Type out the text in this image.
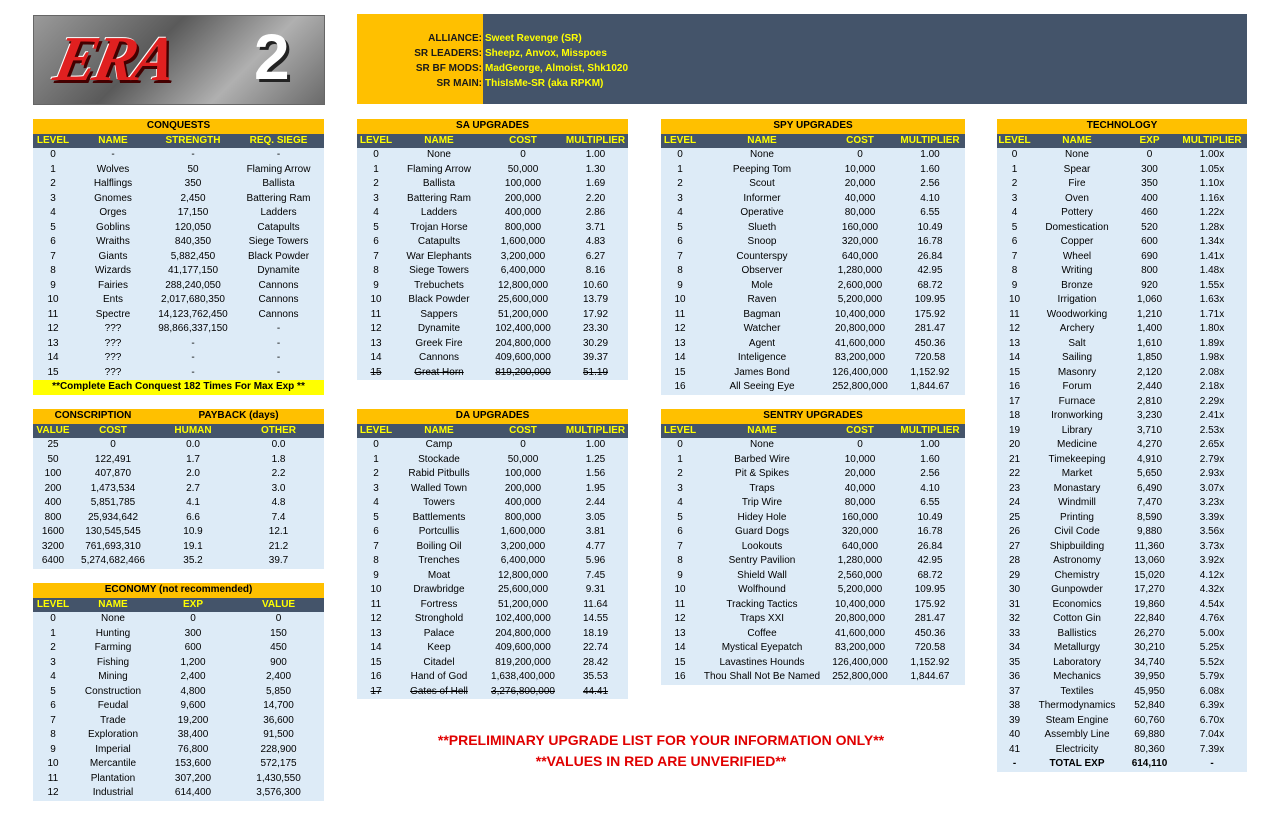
ERA 2	ALLIANCE: Sweet Revenge (SR)
SR LEADERS: Sheepz, Anvox, Misspoes
SR BF MODS: MadGeorge, Almoist, Shk1020
SR MAIN: ThisIsMe-SR (aka RPKM)
CONQUESTS			
LEVEL	NAME	STRENGTH	REQ. SIEGE
0	-	-	-
1	Wolves	50	Flaming Arrow
2	Halflings	350	Ballista
3	Gnomes	2,450	Battering Ram
4	Orges	17,150	Ladders
5	Goblins	120,050	Catapults
6	Wraiths	840,350	Siege Towers
7	Giants	5,882,450	Black Powder
8	Wizards	41,177,150	Dynamite
9	Fairies	288,240,050	Cannons
10	Ents	2,017,680,350	Cannons
11	Spectre	14,123,762,450	Cannons
12	???	98,866,337,150	-
13	???	-	-
14	???	-	-
15	???	-	-
**Complete Each Conquest 182 Times For Max Exp **			
SA UPGRADES			
LEVEL	NAME	COST	MULTIPLIER
0	None	0	1.00
1	Flaming Arrow	50,000	1.30
2	Ballista	100,000	1.69
3	Battering Ram	200,000	2.20
4	Ladders	400,000	2.86
5	Trojan Horse	800,000	3.71
6	Catapults	1,600,000	4.83
7	War Elephants	3,200,000	6.27
8	Siege Towers	6,400,000	8.16
9	Trebuchets	12,800,000	10.60
10	Black Powder	25,600,000	13.79
11	Sappers	51,200,000	17.92
12	Dynamite	102,400,000	23.30
13	Greek Fire	204,800,000	30.29
14	Cannons	409,600,000	39.37
15	Great Horn	819,200,000	51.19
SPY UPGRADES			
LEVEL	NAME	COST	MULTIPLIER
0	None	0	1.00
1	Peeping Tom	10,000	1.60
2	Scout	20,000	2.56
3	Informer	40,000	4.10
4	Operative	80,000	6.55
5	Slueth	160,000	10.49
6	Snoop	320,000	16.78
7	Counterspy	640,000	26.84
8	Observer	1,280,000	42.95
9	Mole	2,600,000	68.72
10	Raven	5,200,000	109.95
11	Bagman	10,400,000	175.92
12	Watcher	20,800,000	281.47
13	Agent	41,600,000	450.36
14	Inteligence	83,200,000	720.58
15	James Bond	126,400,000	1,152.92
16	All Seeing Eye	252,800,000	1,844.67
TECHNOLOGY			
LEVEL	NAME	EXP	MULTIPLIER
0	None	0	1.00x
1	Spear	300	1.05x
2	Fire	350	1.10x
3	Oven	400	1.16x
4	Pottery	460	1.22x
5	Domestication	520	1.28x
6	Copper	600	1.34x
7	Wheel	690	1.41x
8	Writing	800	1.48x
9	Bronze	920	1.55x
10	Irrigation	1,060	1.63x
11	Woodworking	1,210	1.71x
12	Archery	1,400	1.80x
13	Salt	1,610	1.89x
14	Sailing	1,850	1.98x
15	Masonry	2,120	2.08x
16	Forum	2,440	2.18x
17	Furnace	2,810	2.29x
18	Ironworking	3,230	2.41x
19	Library	3,710	2.53x
20	Medicine	4,270	2.65x
21	Timekeeping	4,910	2.79x
22	Market	5,650	2.93x
23	Monastary	6,490	3.07x
24	Windmill	7,470	3.23x
25	Printing	8,590	3.39x
26	Civil Code	9,880	3.56x
27	Shipbuilding	11,360	3.73x
28	Astronomy	13,060	3.92x
29	Chemistry	15,020	4.12x
30	Gunpowder	17,270	4.32x
31	Economics	19,860	4.54x
32	Cotton Gin	22,840	4.76x
33	Ballistics	26,270	5.00x
34	Metallurgy	30,210	5.25x
35	Laboratory	34,740	5.52x
36	Mechanics	39,950	5.79x
37	Textiles	45,950	6.08x
38	Thermodynamics	52,840	6.39x
39	Steam Engine	60,760	6.70x
40	Assembly Line	69,880	7.04x
41	Electricity	80,360	7.39x
-	TOTAL EXP	614,110	-
CONSCRIPTION		PAYBACK (days)	
VALUE	COST	HUMAN	OTHER
25	0	0.0	0.0
50	122,491	1.7	1.8
100	407,870	2.0	2.2
200	1,473,534	2.7	3.0
400	5,851,785	4.1	4.8
800	25,934,642	6.6	7.4
1600	130,545,545	10.9	12.1
3200	761,693,310	19.1	21.2
6400	5,274,682,466	35.2	39.7
DA UPGRADES			
LEVEL	NAME	COST	MULTIPLIER
0	Camp	0	1.00
1	Stockade	50,000	1.25
2	Rabid Pitbulls	100,000	1.56
3	Walled Town	200,000	1.95
4	Towers	400,000	2.44
5	Battlements	800,000	3.05
6	Portcullis	1,600,000	3.81
7	Boiling Oil	3,200,000	4.77
8	Trenches	6,400,000	5.96
9	Moat	12,800,000	7.45
10	Drawbridge	25,600,000	9.31
11	Fortress	51,200,000	11.64
12	Stronghold	102,400,000	14.55
13	Palace	204,800,000	18.19
14	Keep	409,600,000	22.74
15	Citadel	819,200,000	28.42
16	Hand of God	1,638,400,000	35.53
17	Gates of Hell	3,276,800,000	44.41
SENTRY UPGRADES			
LEVEL	NAME	COST	MULTIPLIER
0	None	0	1.00
1	Barbed Wire	10,000	1.60
2	Pit & Spikes	20,000	2.56
3	Traps	40,000	4.10
4	Trip Wire	80,000	6.55
5	Hidey Hole	160,000	10.49
6	Guard Dogs	320,000	16.78
7	Lookouts	640,000	26.84
8	Sentry Pavilion	1,280,000	42.95
9	Shield Wall	2,560,000	68.72
10	Wolfhound	5,200,000	109.95
11	Tracking Tactics	10,400,000	175.92
12	Traps XXI	20,800,000	281.47
13	Coffee	41,600,000	450.36
14	Mystical Eyepatch	83,200,000	720.58
15	Lavastines Hounds	126,400,000	1,152.92
16	Thou Shall Not Be Named	252,800,000	1,844.67
ECONOMY (not recommended)			
LEVEL	NAME	EXP	VALUE
0	None	0	0
1	Hunting	300	150
2	Farming	600	450
3	Fishing	1,200	900
4	Mining	2,400	2,400
5	Construction	4,800	5,850
6	Feudal	9,600	14,700
7	Trade	19,200	36,600
8	Exploration	38,400	91,500
9	Imperial	76,800	228,900
10	Mercantile	153,600	572,175
11	Plantation	307,200	1,430,550
12	Industrial	614,400	3,576,300
**PRELIMINARY UPGRADE LIST FOR YOUR INFORMATION ONLY**
**VALUES IN RED ARE UNVERIFIED**
